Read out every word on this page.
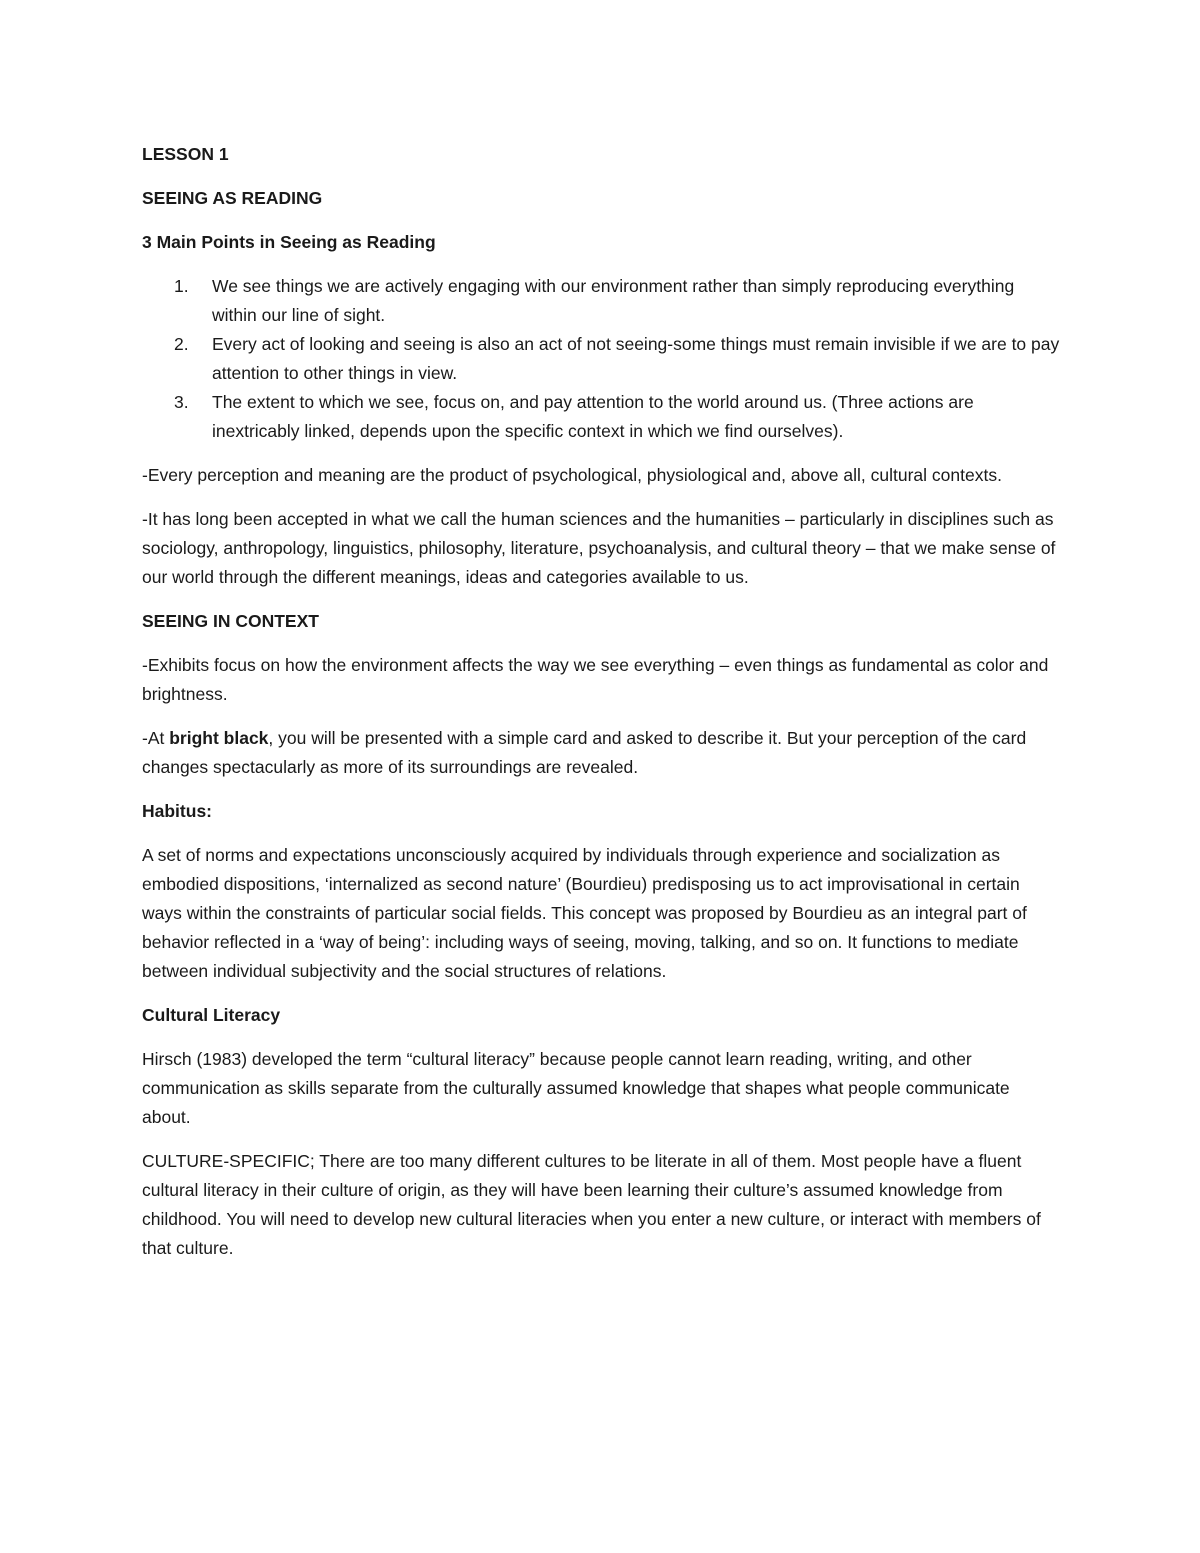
LESSON 1

SEEING AS READING

3 Main Points in Seeing as Reading

1. We see things we are actively engaging with our environment rather than simply reproducing everything within our line of sight.
2. Every act of looking and seeing is also an act of not seeing-some things must remain invisible if we are to pay attention to other things in view.
3. The extent to which we see, focus on, and pay attention to the world around us. (Three actions are inextricably linked, depends upon the specific context in which we find ourselves).

-Every perception and meaning are the product of psychological, physiological and, above all, cultural contexts.

-It has long been accepted in what we call the human sciences and the humanities – particularly in disciplines such as sociology, anthropology, linguistics, philosophy, literature, psychoanalysis, and cultural theory – that we make sense of our world through the different meanings, ideas and categories available to us.

SEEING IN CONTEXT

-Exhibits focus on how the environment affects the way we see everything – even things as fundamental as color and brightness.

-At bright black, you will be presented with a simple card and asked to describe it. But your perception of the card changes spectacularly as more of its surroundings are revealed.

Habitus:

A set of norms and expectations unconsciously acquired by individuals through experience and socialization as embodied dispositions, ‘internalized as second nature’ (Bourdieu) predisposing us to act improvisational in certain ways within the constraints of particular social fields. This concept was proposed by Bourdieu as an integral part of behavior reflected in a ‘way of being’: including ways of seeing, moving, talking, and so on. It functions to mediate between individual subjectivity and the social structures of relations.

Cultural Literacy

Hirsch (1983) developed the term “cultural literacy” because people cannot learn reading, writing, and other communication as skills separate from the culturally assumed knowledge that shapes what people communicate about.

CULTURE-SPECIFIC; There are too many different cultures to be literate in all of them. Most people have a fluent cultural literacy in their culture of origin, as they will have been learning their culture’s assumed knowledge from childhood. You will need to develop new cultural literacies when you enter a new culture, or interact with members of that culture.
